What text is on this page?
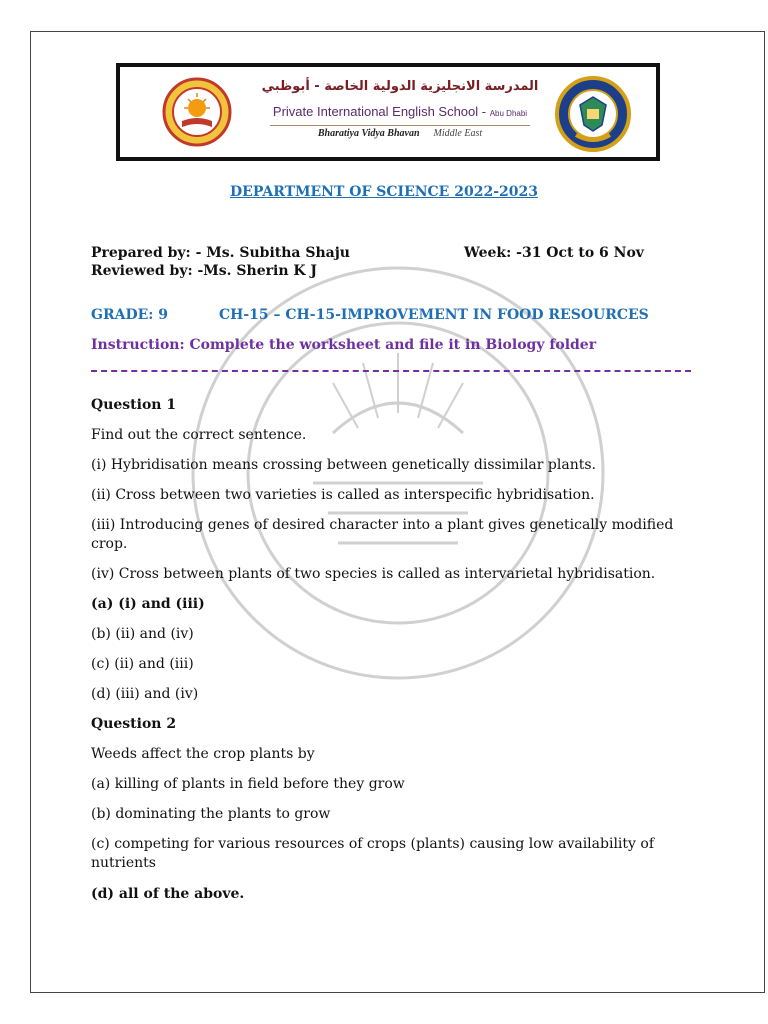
المدرسة الانجليزية الدولية الخاصة - أبوظبي
Private International English School - Abu Dhabi
Bharatiya Vidya Bhavan Middle East
DEPARTMENT OF SCIENCE 2022-2023
Prepared by: - Ms. Subitha Shaju	Week: -31 Oct to 6 Nov
Reviewed by: -Ms. Sherin K J
GRADE: 9	CH-15 – CH-15-IMPROVEMENT IN FOOD RESOURCES
Instruction: Complete the worksheet and file it in Biology folder
Question 1
Find out the correct sentence.
(i) Hybridisation means crossing between genetically dissimilar plants.
(ii) Cross between two varieties is called as interspecific hybridisation.
(iii) Introducing genes of desired character into a plant gives genetically modified
crop.
(iv) Cross between plants of two species is called as intervarietal hybridisation.
(a) (i) and (iii)
(b) (ii) and (iv)
(c) (ii) and (iii)
(d) (iii) and (iv)
Question 2
Weeds affect the crop plants by
(a) killing of plants in field before they grow
(b) dominating the plants to grow
(c) competing for various resources of crops (plants) causing low availability of
nutrients
(d) all of the above.
